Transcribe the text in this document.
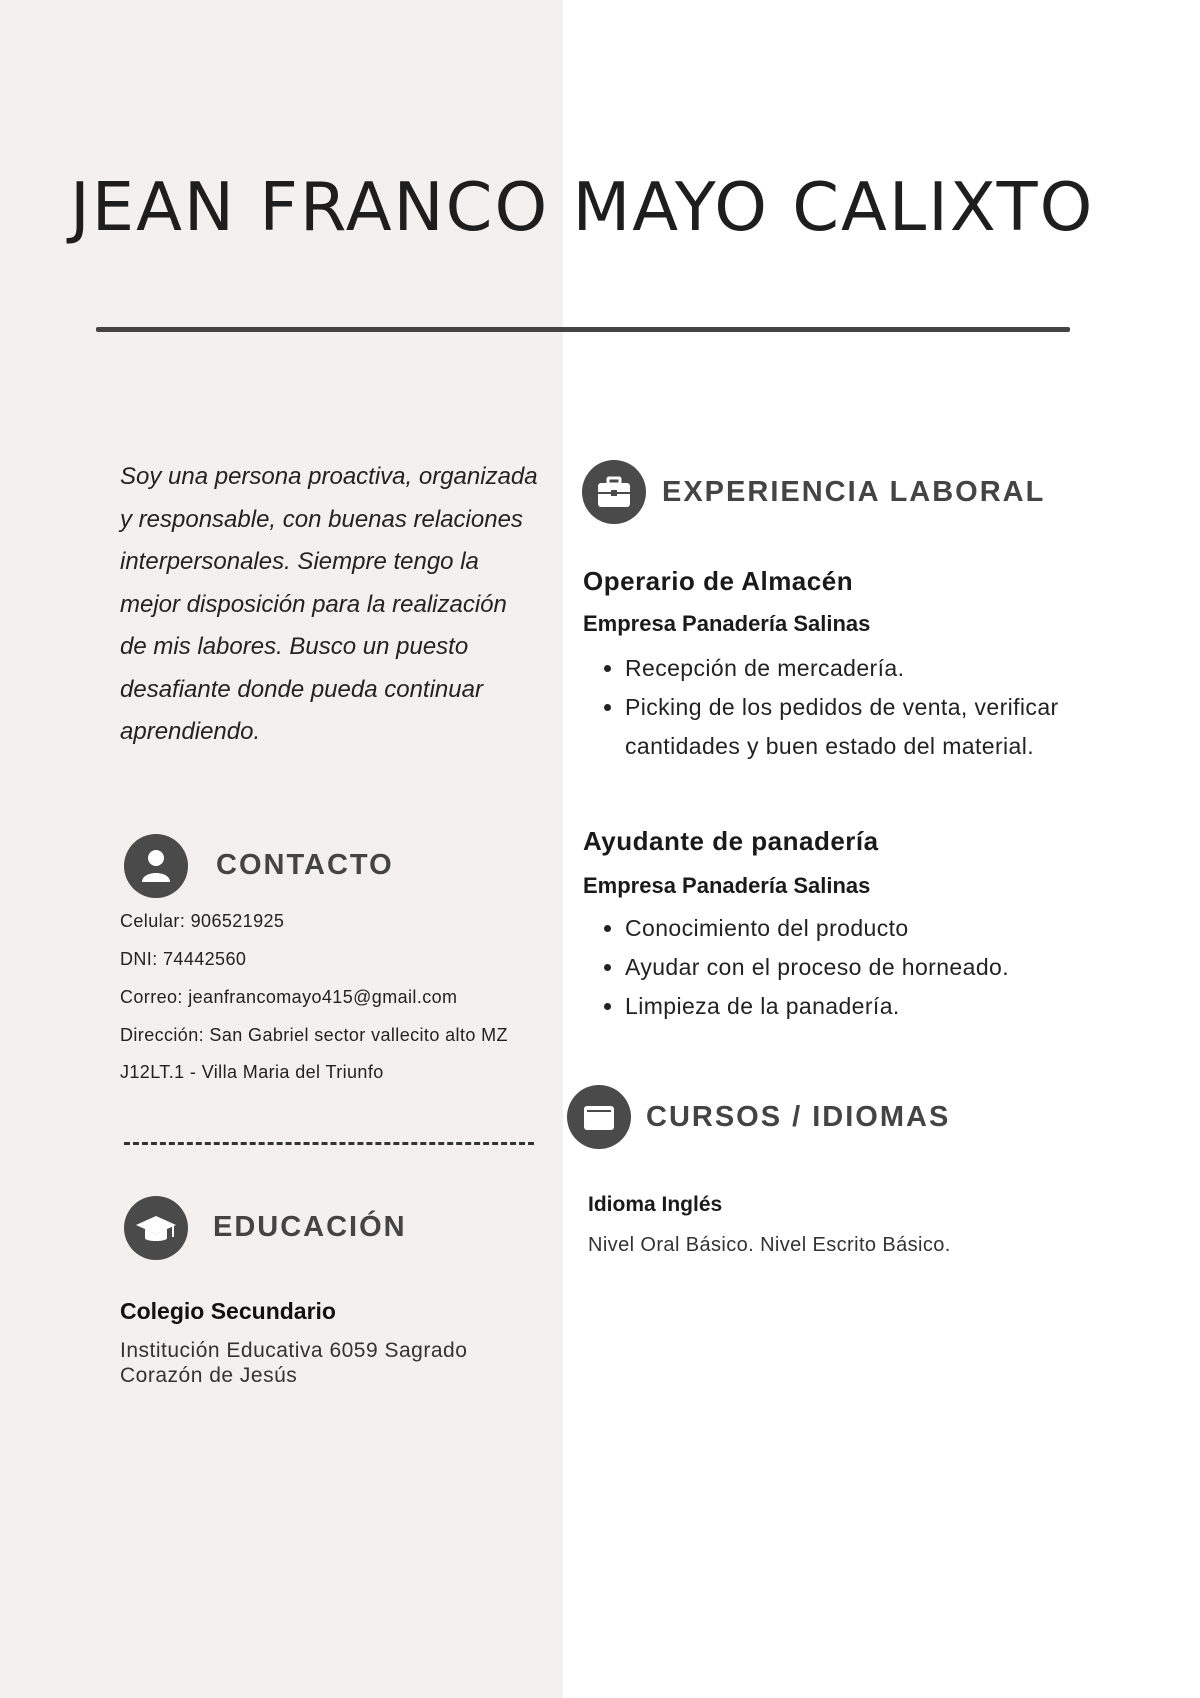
JEAN FRANCO MAYO CALIXTO
Soy una persona proactiva, organizada y responsable, con buenas relaciones interpersonales. Siempre tengo la mejor disposición para la realización de mis labores. Busco un puesto desafiante donde pueda continuar aprendiendo.
CONTACTO
Celular: 906521925
DNI: 74442560
Correo: jeanfrancomayo415@gmail.com
Dirección: San Gabriel sector vallecito alto MZ
J12LT.1 - Villa Maria del Triunfo
EDUCACIÓN
Colegio Secundario
Institución Educativa 6059 Sagrado Corazón de Jesús
EXPERIENCIA LABORAL
Operario de Almacén
Empresa Panadería Salinas
• Recepción de mercadería.
• Picking de los pedidos de venta, verificar cantidades y buen estado del material.
Ayudante de panadería
Empresa Panadería Salinas
• Conocimiento del producto
• Ayudar con el proceso de horneado.
• Limpieza de la panadería.
CURSOS / IDIOMAS
Idioma Inglés
Nivel Oral Básico. Nivel Escrito Básico.
